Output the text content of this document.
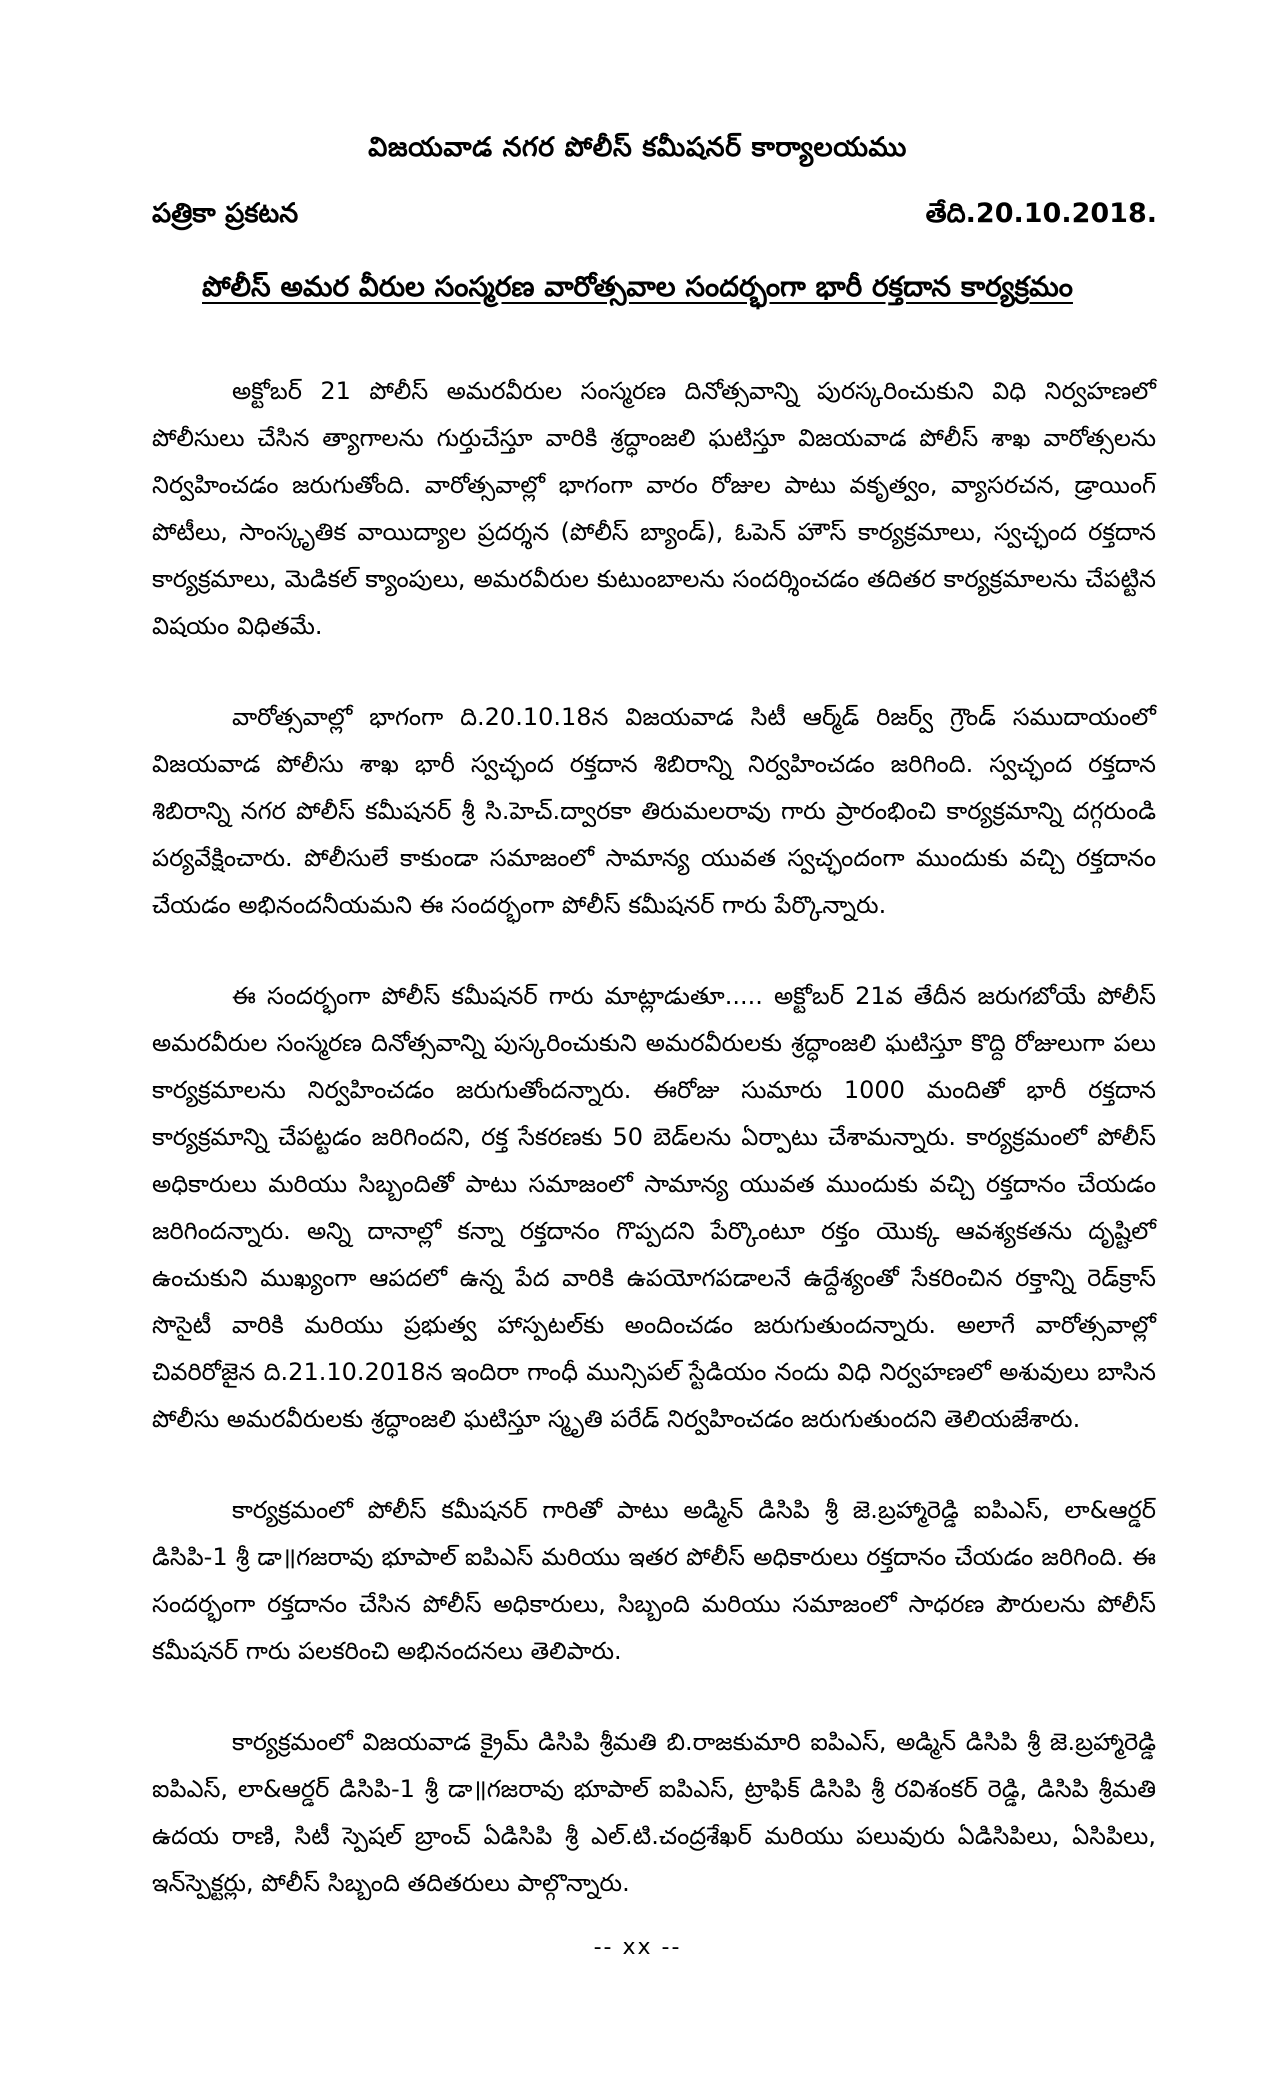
విజయవాడ నగర పోలీస్ కమీషనర్ కార్యాలయము
పత్రికా ప్రకటన	తేది.20.10.2018.
పోలీస్ అమర వీరుల సంస్మరణ వారోత్సవాల సందర్భంగా భారీ రక్తదాన కార్యక్రమం

అక్టోబర్ 21 పోలీస్ అమరవీరుల సంస్మరణ దినోత్సవాన్ని పురస్కరించుకుని విధి నిర్వహణలో పోలీసులు చేసిన త్యాగాలను గుర్తుచేస్తూ వారికి శ్రద్ధాంజలి ఘటిస్తూ విజయవాడ పోలీస్ శాఖ వారోత్సలను నిర్వహించడం జరుగుతోంది. వారోత్సవాల్లో భాగంగా వారం రోజుల పాటు వకృత్వం, వ్యాసరచన, డ్రాయింగ్ పోటీలు, సాంస్కృతిక వాయిద్యాల ప్రదర్శన (పోలీస్ బ్యాండ్), ఓపెన్ హౌస్ కార్యక్రమాలు, స్వచ్ఛంద రక్తదాన కార్యక్రమాలు, మెడికల్ క్యాంపులు, అమరవీరుల కుటుంబాలను సందర్శించడం తదితర కార్యక్రమాలను చేపట్టిన విషయం విధితమే.

వారోత్సవాల్లో భాగంగా ది.20.10.18న విజయవాడ సిటీ ఆర్మ్‌డ్ రిజర్వ్ గ్రౌండ్ సముదాయంలో విజయవాడ పోలీసు శాఖ భారీ స్వచ్ఛంద రక్తదాన శిబిరాన్ని నిర్వహించడం జరిగింది. స్వచ్ఛంద రక్తదాన శిబిరాన్ని నగర పోలీస్ కమీషనర్ శ్రీ సి.హెచ్.ద్వారకా తిరుమలరావు గారు ప్రారంభించి కార్యక్రమాన్ని దగ్గరుండి పర్యవేక్షించారు. పోలీసులే కాకుండా సమాజంలో సామాన్య యువత స్వచ్ఛందంగా ముందుకు వచ్చి రక్తదానం చేయడం అభినందనీయమని ఈ సందర్భంగా పోలీస్ కమీషనర్ గారు పేర్కొన్నారు.

ఈ సందర్భంగా పోలీస్ కమీషనర్ గారు మాట్లాడుతూ..... అక్టోబర్ 21వ తేదీన జరుగబోయే పోలీస్ అమరవీరుల సంస్మరణ దినోత్సవాన్ని పుస్కరించుకుని అమరవీరులకు శ్రద్ధాంజలి ఘటిస్తూ కొద్ది రోజులుగా పలు కార్యక్రమాలను నిర్వహించడం జరుగుతోందన్నారు. ఈరోజు సుమారు 1000 మందితో భారీ రక్తదాన కార్యక్రమాన్ని చేపట్టడం జరిగిందని, రక్త సేకరణకు 50 బెడ్‌లను ఏర్పాటు చేశామన్నారు. కార్యక్రమంలో పోలీస్ అధికారులు మరియు సిబ్బందితో పాటు సమాజంలో సామాన్య యువత ముందుకు వచ్చి రక్తదానం చేయడం జరిగిందన్నారు. అన్ని దానాల్లో కన్నా రక్తదానం గొప్పదని పేర్కొంటూ రక్తం యొక్క ఆవశ్యకతను దృష్టిలో ఉంచుకుని ముఖ్యంగా ఆపదలో ఉన్న పేద వారికి ఉపయోగపడాలనే ఉద్దేశ్యంతో సేకరించిన రక్తాన్ని రెడ్‌క్రాస్ సొసైటీ వారికి మరియు ప్రభుత్వ హాస్పటల్‌కు అందించడం జరుగుతుందన్నారు. అలాగే వారోత్సవాల్లో చివరిరోజైన ది.21.10.2018న ఇందిరా గాంధీ మున్సిపల్ స్టేడియం నందు విధి నిర్వహణలో అశువులు బాసిన పోలీసు అమరవీరులకు శ్రద్ధాంజలి ఘటిస్తూ స్మృతి పరేడ్ నిర్వహించడం జరుగుతుందని తెలియజేశారు.

కార్యక్రమంలో పోలీస్ కమీషనర్ గారితో పాటు అడ్మిన్ డిసిపి శ్రీ జె.బ్రహ్మారెడ్డి ఐపిఎస్, లా&ఆర్డర్ డిసిపి-1 శ్రీ డా॥గజరావు భూపాల్ ఐపిఎస్ మరియు ఇతర పోలీస్ అధికారులు రక్తదానం చేయడం జరిగింది. ఈ సందర్భంగా రక్తదానం చేసిన పోలీస్ అధికారులు, సిబ్బంది మరియు సమాజంలో సాధరణ పౌరులను పోలీస్ కమీషనర్ గారు పలకరించి అభినందనలు తెలిపారు.

కార్యక్రమంలో విజయవాడ క్రైమ్ డిసిపి శ్రీమతి బి.రాజకుమారి ఐపిఎస్, అడ్మిన్ డిసిపి శ్రీ జె.బ్రహ్మారెడ్డి ఐపిఎస్, లా&ఆర్డర్ డిసిపి-1 శ్రీ డా॥గజరావు భూపాల్ ఐపిఎస్, ట్రాఫిక్ డిసిపి శ్రీ రవిశంకర్ రెడ్డి, డిసిపి శ్రీమతి ఉదయ రాణి, సిటీ స్పెషల్ బ్రాంచ్ ఏడిసిపి శ్రీ ఎల్.టి.చంద్రశేఖర్ మరియు పలువురు ఏడిసిపిలు, ఏసిపిలు, ఇన్‌స్పెక్టర్లు, పోలీస్ సిబ్బంది తదితరులు పాల్గొన్నారు.

-- xx --
